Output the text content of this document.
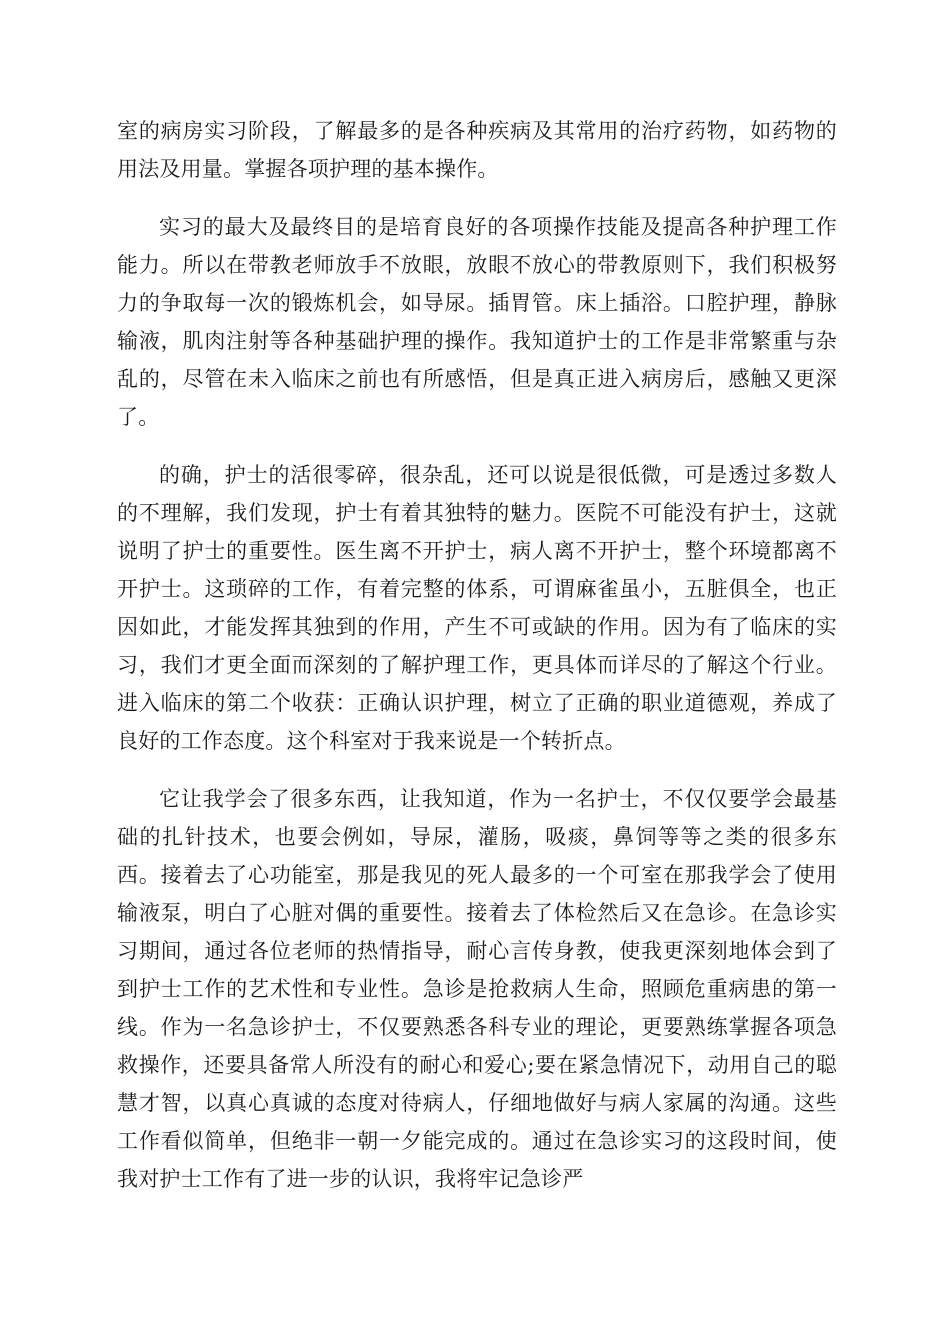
室的病房实习阶段，了解最多的是各种疾病及其常用的治疗药物，如药物的用法及用量。掌握各项护理的基本操作。

实习的最大及最终目的是培育良好的各项操作技能及提高各种护理工作能力。所以在带教老师放手不放眼，放眼不放心的带教原则下，我们积极努力的争取每一次的锻炼机会，如导尿。插胃管。床上插浴。口腔护理，静脉输液，肌肉注射等各种基础护理的操作。我知道护士的工作是非常繁重与杂乱的，尽管在未入临床之前也有所感悟，但是真正进入病房后，感触又更深了。

的确，护士的活很零碎，很杂乱，还可以说是很低微，可是透过多数人的不理解，我们发现，护士有着其独特的魅力。医院不可能没有护士，这就说明了护士的重要性。医生离不开护士，病人离不开护士，整个环境都离不开护士。这琐碎的工作，有着完整的体系，可谓麻雀虽小，五脏俱全，也正因如此，才能发挥其独到的作用，产生不可或缺的作用。因为有了临床的实习，我们才更全面而深刻的了解护理工作，更具体而详尽的了解这个行业。进入临床的第二个收获：正确认识护理，树立了正确的职业道德观，养成了良好的工作态度。这个科室对于我来说是一个转折点。

它让我学会了很多东西，让我知道，作为一名护士，不仅仅要学会最基础的扎针技术，也要会例如，导尿，灌肠，吸痰，鼻饲等等之类的很多东西。接着去了心功能室，那是我见的死人最多的一个可室在那我学会了使用输液泵，明白了心脏对偶的重要性。接着去了体检然后又在急诊。在急诊实习期间，通过各位老师的热情指导，耐心言传身教，使我更深刻地体会到了到护士工作的艺术性和专业性。急诊是抢救病人生命，照顾危重病患的第一线。作为一名急诊护士，不仅要熟悉各科专业的理论，更要熟练掌握各项急救操作，还要具备常人所没有的耐心和爱心;要在紧急情况下，动用自己的聪慧才智，以真心真诚的态度对待病人，仔细地做好与病人家属的沟通。这些工作看似简单，但绝非一朝一夕能完成的。通过在急诊实习的这段时间，使我对护士工作有了进一步的认识，我将牢记急诊严
